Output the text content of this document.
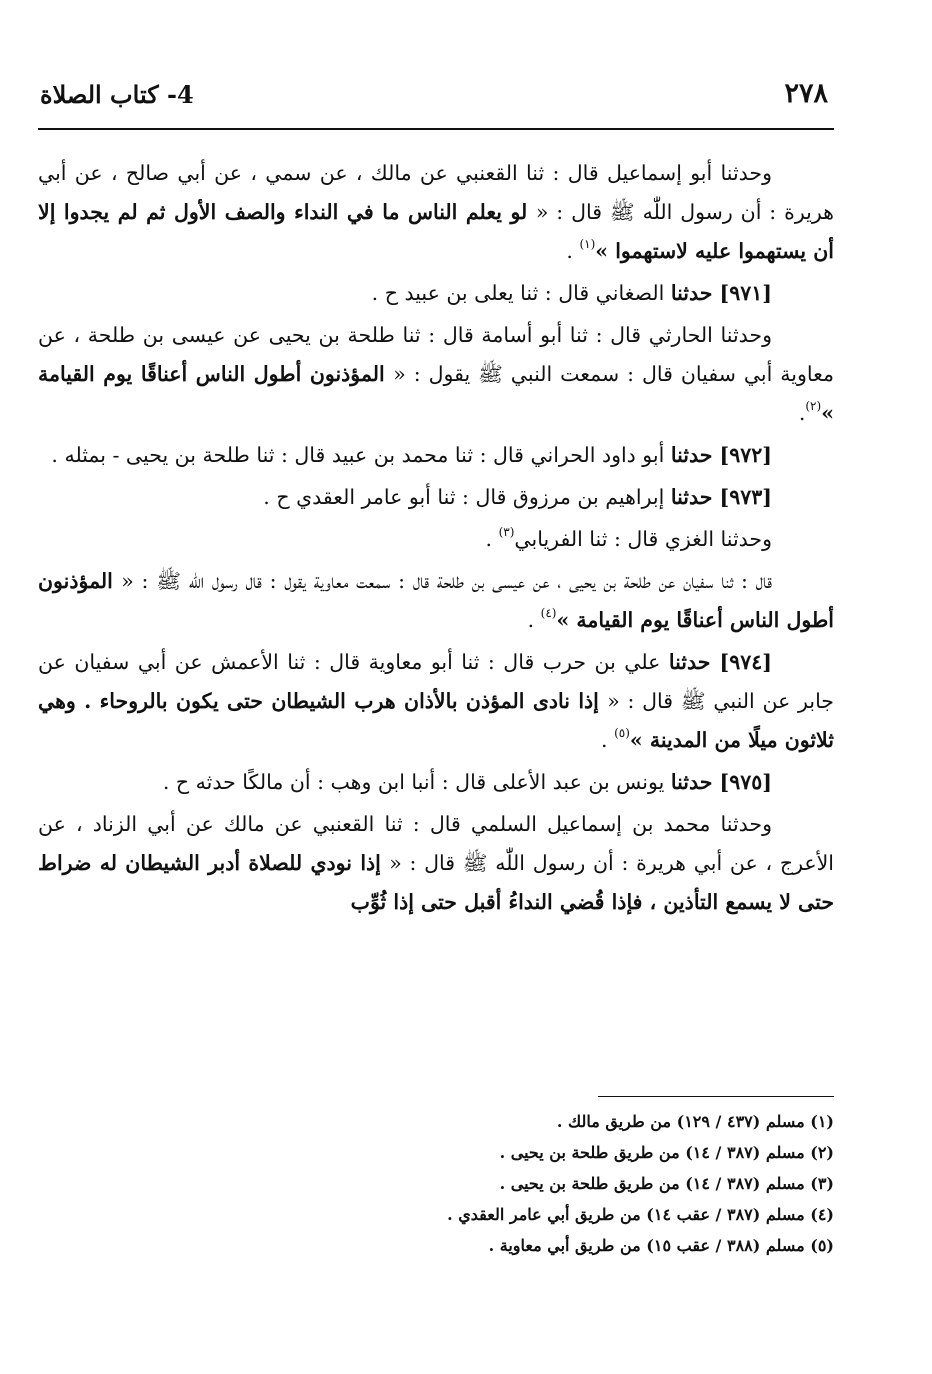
٢٧٨
4- كتاب الصلاة

وحدثنا أبو إسماعيل قال : ثنا القعنبي عن مالك ، عن سمي ، عن أبي صالح ، عن أبي هريرة : أن رسول اللّٰه ﷺ قال : « لو يعلم الناس ما في النداء والصف الأول ثم لم يجدوا إلا أن يستهموا عليه لاستهموا »$^{(١)}$ .

[٩٧١] حدثنا الصغاني قال : ثنا يعلى بن عبيد ح .

وحدثنا الحارثي قال : ثنا أبو أسامة قال : ثنا طلحة بن يحيى عن عيسى بن طلحة ، عن معاوية أبي سفيان قال : سمعت النبي ﷺ يقول : « المؤذنون أطول الناس أعناقًا يوم القيامة »$^{(٢)}$.

[٩٧٢] حدثنا أبو داود الحراني قال : ثنا محمد بن عبيد قال : ثنا طلحة بن يحيى - بمثله .

[٩٧٣] حدثنا إبراهيم بن مرزوق قال : ثنا أبو عامر العقدي ح .

وحدثنا الغزي قال : ثنا الفريابي$^{(٣)}$ .

قال : ثنا سفيان عن طلحة بن يحيى ، عن عيسى بن طلحة قال : سمعت معاوية يقول : قال رسول اللّٰه ﷺ : « المؤذنون أطول الناس أعناقًا يوم القيامة »$^{(٤)}$ .

[٩٧٤] حدثنا علي بن حرب قال : ثنا أبو معاوية قال : ثنا الأعمش عن أبي سفيان عن جابر عن النبي ﷺ قال : « إذا نادى المؤذن بالأذان هرب الشيطان حتى يكون بالروحاء . وهي ثلاثون ميلًا من المدينة »$^{(٥)}$ .

[٩٧٥] حدثنا يونس بن عبد الأعلى قال : أنبا ابن وهب : أن مالكًا حدثه ح .

وحدثنا محمد بن إسماعيل السلمي قال : ثنا القعنبي عن مالك عن أبي الزناد ، عن الأعرج ، عن أبي هريرة : أن رسول اللّٰه ﷺ قال : « إذا نودي للصلاة أدبر الشيطان له ضراط حتى لا يسمع التأذين ، فإذا قُضي النداءُ أقبل حتى إذا ثُوِّب

(١) مسلم (٤٣٧ / ١٢٩) من طريق مالك .

(٢) مسلم (٣٨٧ / ١٤) من طريق طلحة بن يحيى .

(٣) مسلم (٣٨٧ / ١٤) من طريق طلحة بن يحيى .

(٤) مسلم (٣٨٧ / عقب ١٤) من طريق أبي عامر العقدي .

(٥) مسلم (٣٨٨ / عقب ١٥) من طريق أبي معاوية .
